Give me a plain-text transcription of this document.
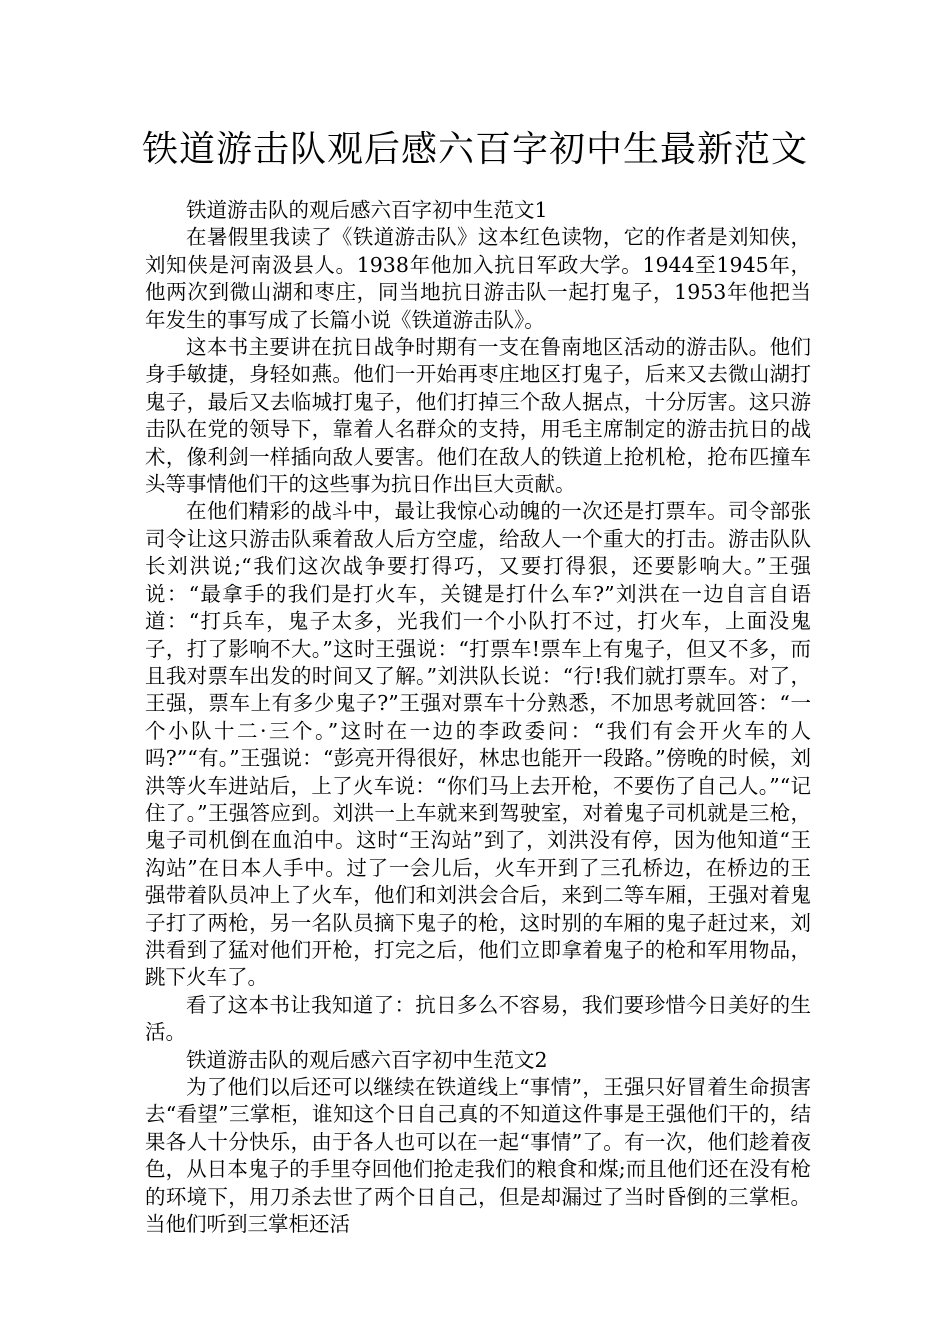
铁道游击队观后感六百字初中生最新范文

铁道游击队的观后感六百字初中生范文1

在暑假里我读了《铁道游击队》这本红色读物，它的作者是刘知侠，刘知侠是河南汲县人。1938年他加入抗日军政大学。1944至1945年，他两次到微山湖和枣庄，同当地抗日游击队一起打鬼子，1953年他把当年发生的事写成了长篇小说《铁道游击队》。

这本书主要讲在抗日战争时期有一支在鲁南地区活动的游击队。他们身手敏捷，身轻如燕。他们一开始再枣庄地区打鬼子，后来又去微山湖打鬼子，最后又去临城打鬼子，他们打掉三个敌人据点，十分厉害。这只游击队在党的领导下，靠着人名群众的支持，用毛主席制定的游击抗日的战术，像利剑一样插向敌人要害。他们在敌人的铁道上抢机枪，抢布匹撞车头等事情他们干的这些事为抗日作出巨大贡献。

在他们精彩的战斗中，最让我惊心动魄的一次还是打票车。司令部张司令让这只游击队乘着敌人后方空虚，给敌人一个重大的打击。游击队队长刘洪说;“我们这次战争要打得巧，又要打得狠，还要影响大。”王强说：“最拿手的我们是打火车，关键是打什么车?”刘洪在一边自言自语道：“打兵车，鬼子太多，光我们一个小队打不过，打火车，上面没鬼子，打了影响不大。”这时王强说：“打票车!票车上有鬼子，但又不多，而且我对票车出发的时间又了解。”刘洪队长说：“行!我们就打票车。对了，王强，票车上有多少鬼子?”王强对票车十分熟悉，不加思考就回答：“一个小队十二·三个。”这时在一边的李政委问：“我们有会开火车的人吗?”“有。”王强说：“彭亮开得很好，林忠也能开一段路。”傍晚的时候，刘洪等火车进站后，上了火车说：“你们马上去开枪，不要伤了自己人。”“记住了。”王强答应到。刘洪一上车就来到驾驶室，对着鬼子司机就是三枪，鬼子司机倒在血泊中。这时“王沟站”到了，刘洪没有停，因为他知道“王沟站”在日本人手中。过了一会儿后，火车开到了三孔桥边，在桥边的王强带着队员冲上了火车，他们和刘洪会合后，来到二等车厢，王强对着鬼子打了两枪，另一名队员摘下鬼子的枪，这时别的车厢的鬼子赶过来，刘洪看到了猛对他们开枪，打完之后，他们立即拿着鬼子的枪和军用物品，跳下火车了。

看了这本书让我知道了：抗日多么不容易，我们要珍惜今日美好的生活。

铁道游击队的观后感六百字初中生范文2

为了他们以后还可以继续在铁道线上“事情”，王强只好冒着生命损害去“看望”三掌柜，谁知这个日自己真的不知道这件事是王强他们干的，结果各人十分快乐，由于各人也可以在一起“事情”了。有一次，他们趁着夜色，从日本鬼子的手里夺回他们抢走我们的粮食和煤;而且他们还在没有枪的环境下，用刀杀去世了两个日自己，但是却漏过了当时昏倒的三掌柜。当他们听到三掌柜还活
